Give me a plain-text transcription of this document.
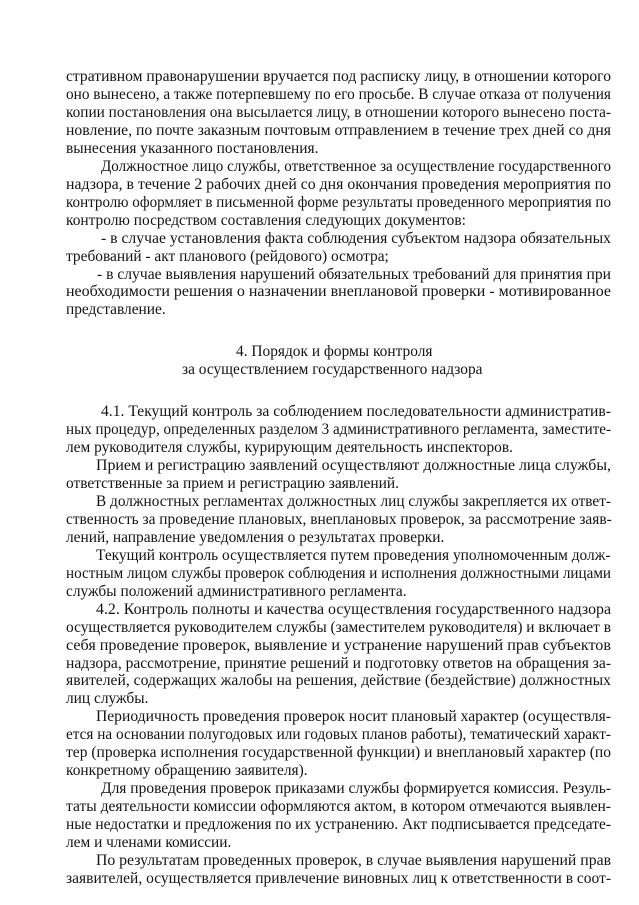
стративном правонарушении вручается под расписку лицу, в отношении которого
оно вынесено, а также потерпевшему по его просьбе. В случае отказа от получения
копии постановления она высылается лицу, в отношении которого вынесено поста-
новление, по почте заказным почтовым отправлением в течение трех дней со дня
вынесения указанного постановления.
Должностное лицо службы, ответственное за осуществление государственного
надзора, в течение 2 рабочих дней со дня окончания проведения мероприятия по
контролю оформляет в письменной форме результаты проведенного мероприятия по
контролю посредством составления следующих документов:
- в случае установления факта соблюдения субъектом надзора обязательных
требований - акт планового (рейдового) осмотра;
- в случае выявления нарушений обязательных требований для принятия при
необходимости решения о назначении внеплановой проверки - мотивированное
представление.
4. Порядок и формы контроля
за осуществлением государственного надзора
4.1. Текущий контроль за соблюдением последовательности административ-
ных процедур, определенных разделом 3 административного регламента, заместите-
лем руководителя службы, курирующим деятельность инспекторов.
Прием и регистрацию заявлений осуществляют должностные лица службы,
ответственные за прием и регистрацию заявлений.
В должностных регламентах должностных лиц службы закрепляется их ответ-
ственность за проведение плановых, внеплановых проверок, за рассмотрение заяв-
лений, направление уведомления о результатах проверки.
Текущий контроль осуществляется путем проведения уполномоченным долж-
ностным лицом службы проверок соблюдения и исполнения должностными лицами
службы положений административного регламента.
4.2. Контроль полноты и качества осуществления государственного надзора
осуществляется руководителем службы (заместителем руководителя) и включает в
себя проведение проверок, выявление и устранение нарушений прав субъектов
надзора, рассмотрение, принятие решений и подготовку ответов на обращения за-
явителей, содержащих жалобы на решения, действие (бездействие) должностных
лиц службы.
Периодичность проведения проверок носит плановый характер (осуществля-
ется на основании полугодовых или годовых планов работы), тематический характ-
тер (проверка исполнения государственной функции) и внеплановый характер (по
конкретному обращению заявителя).
Для проведения проверок приказами службы формируется комиссия. Резуль-
таты деятельности комиссии оформляются актом, в котором отмечаются выявлен-
ные недостатки и предложения по их устранению. Акт подписывается председате-
лем и членами комиссии.
По результатам проведенных проверок, в случае выявления нарушений прав
заявителей, осуществляется привлечение виновных лиц к ответственности в соот-
